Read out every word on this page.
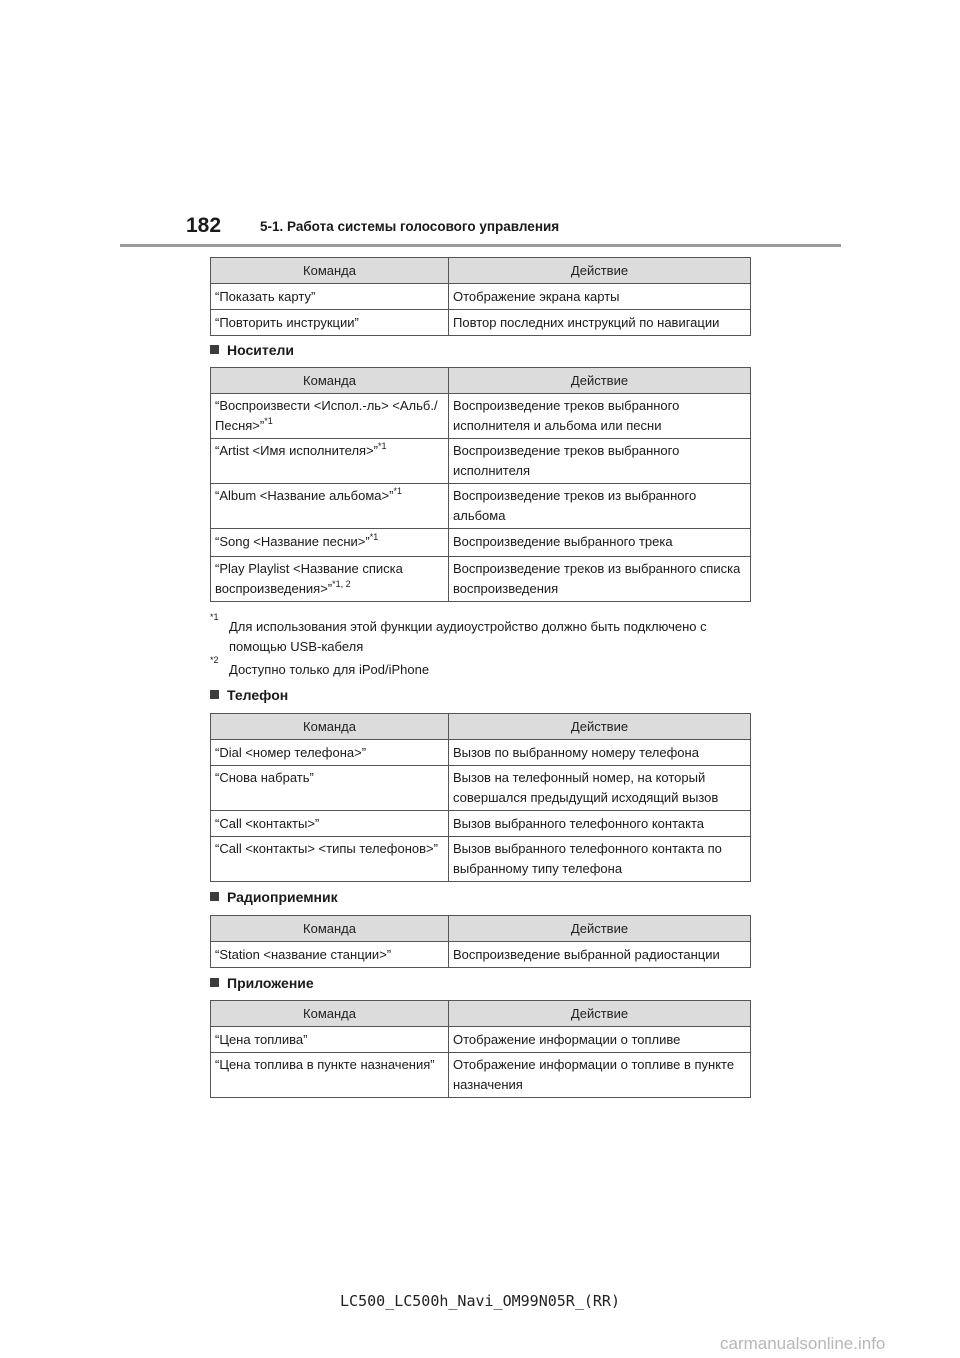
182	5-1. Работа системы голосового управления
Команда	Действие
“Показать карту”	Отображение экрана карты
“Повторить инструкции”	Повтор последних инструкций по навигации
Носители
Команда	Действие
“Воспроизвести <Испол.-ль> <Альб./ Песня>”$^{*1}$	Воспроизведение треков выбранного исполнителя и альбома или песни
“Artist <Имя исполнителя>”$^{*1}$	Воспроизведение треков выбранного исполнителя
“Album <Название альбома>”$^{*1}$	Воспроизведение треков из выбранного альбома
“Song <Название песни>”$^{*1}$	Воспроизведение выбранного трека
“Play Playlist <Название списка воспроизведения>”$^{*1, 2}$	Воспроизведение треков из выбранного списка воспроизведения
*1
Для использования этой функции аудиоустройство должно быть подключено с помощью USB-кабеля
*2
Доступно только для iPod/iPhone
Телефон
Команда	Действие
“Dial <номер телефона>”	Вызов по выбранному номеру телефона
“Снова набрать”	Вызов на телефонный номер, на который совершался предыдущий исходящий вызов
“Call <контакты>”	Вызов выбранного телефонного контакта
“Call <контакты> <типы телефонов>”	Вызов выбранного телефонного контакта по выбранному типу телефона
Радиоприемник
Команда	Действие
“Station <название станции>”	Воспроизведение выбранной радиостанции
Приложение
Команда	Действие
“Цена топлива”	Отображение информации о топливе
“Цена топлива в пункте назначения”	Отображение информации о топливе в пункте назначения
LC500_LC500h_Navi_OM99N05R_(RR)
carmanualsonline.info
